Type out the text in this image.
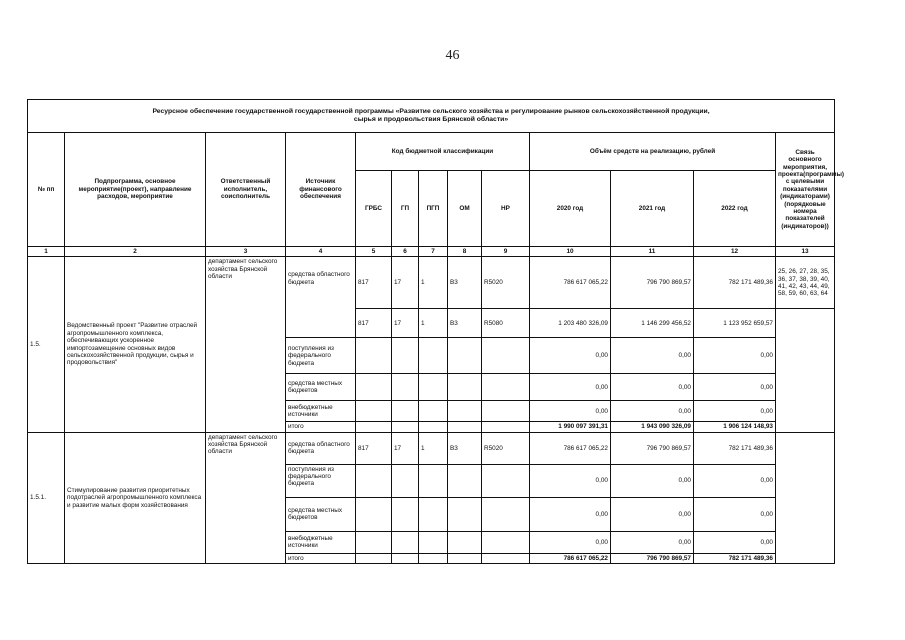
46
Ресурсное обеспечение государственной государственной программы «Развитие сельского хозяйства и регулирование рынков сельскохозяйственной продукции,
сырья и продовольствия Брянской области»												
№ пп	Подпрограмма, основное мероприятие(проект), направление расходов, мероприятие	Ответственный исполнитель, соисполнитель	Источник финансового обеспечения	Код бюджетной классификации					Объём средств на реализацию, рублей			Связь основного мероприятия, проекта(программы) с целевыми показателями (индикаторами) (порядковые номера показателей (индикаторов))
				ГРБС	ГП	ПГП	ОМ	НР	2020 год	2021 год	2022 год	
1	2	3	4	5	6	7	8	9	10	11	12	13
1.5.	Ведомственный проект "Развитие отраслей агропромышленного комплекса, обеспечивающих ускоренное импортозамещение основных видов сельскохозяйственной продукции, сырья и продовольствия"	департамент сельского хозяйства Брянской области	средства областного бюджета	817	17	1	В3	R5020	786 617 065,22	796 790 869,57	782 171 489,36	25, 26, 27, 28, 35, 36, 37, 38, 39, 40, 41, 42, 43, 44, 49, 58, 59, 60, 63, 64
				817	17	1	В3	R5080	1 203 480 326,09	1 146 299 456,52	1 123 952 659,57	
			поступления из федерального бюджета						0,00	0,00	0,00	
			средства местных бюджетов						0,00	0,00	0,00	
			внебюджетные источники						0,00	0,00	0,00	
			итого						1 990 097 391,31	1 943 090 326,09	1 906 124 148,93	
1.5.1.	Стимулирование развития приоритетных подотраслей агропромышленного комплекса и развитие малых форм хозяйствования	департамент сельского хозяйства Брянской области	средства областного бюджета	817	17	1	В3	R5020	786 617 065,22	796 790 869,57	782 171 489,36	
			поступления из федерального бюджета						0,00	0,00	0,00	
			средства местных бюджетов						0,00	0,00	0,00	
			внебюджетные источники						0,00	0,00	0,00	
			итого						786 617 065,22	796 790 869,57	782 171 489,36	
